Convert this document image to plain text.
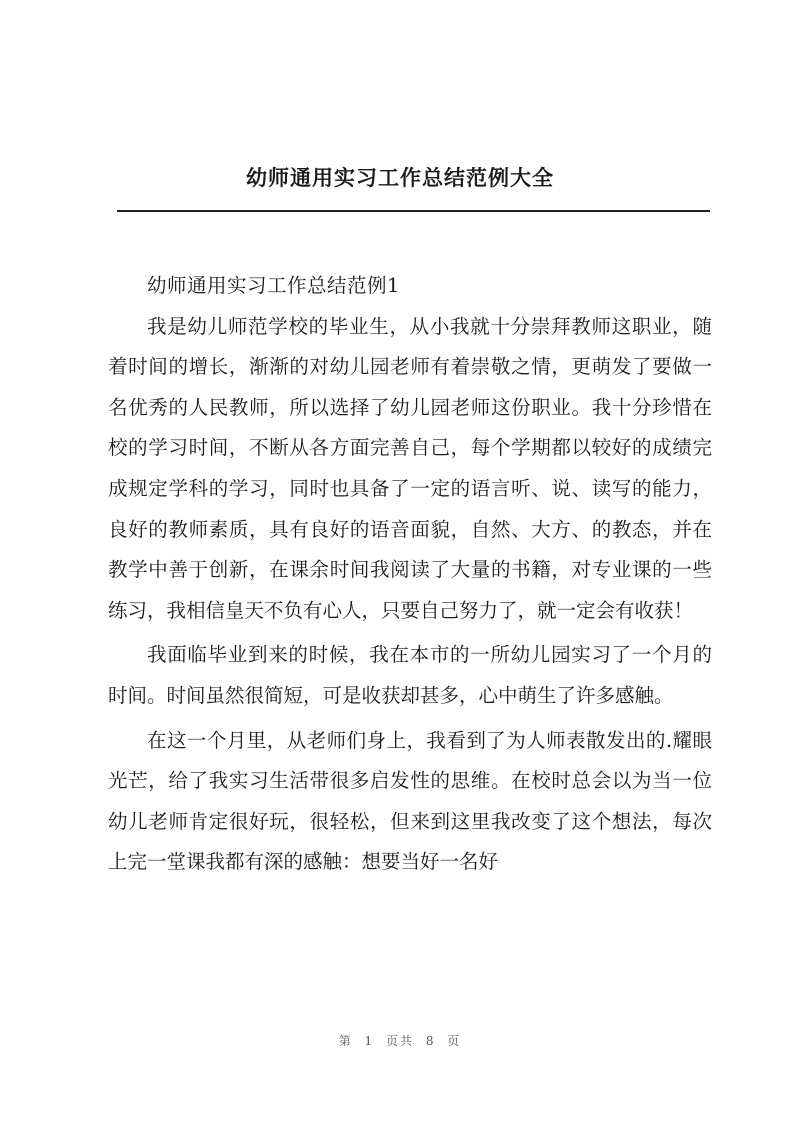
幼师通用实习工作总结范例大全

幼师通用实习工作总结范例1

我是幼儿师范学校的毕业生，从小我就十分崇拜教师这职业，随着时间的增长，渐渐的对幼儿园老师有着崇敬之情，更萌发了要做一名优秀的人民教师，所以选择了幼儿园老师这份职业。我十分珍惜在校的学习时间，不断从各方面完善自己，每个学期都以较好的成绩完成规定学科的学习，同时也具备了一定的语言听、说、读写的能力，良好的教师素质，具有良好的语音面貌，自然、大方、的教态，并在教学中善于创新，在课余时间我阅读了大量的书籍，对专业课的一些练习，我相信皇天不负有心人，只要自己努力了，就一定会有收获！

我面临毕业到来的时候，我在本市的一所幼儿园实习了一个月的时间。时间虽然很简短，可是收获却甚多，心中萌生了许多感触。

在这一个月里，从老师们身上，我看到了为人师表散发出的.耀眼光芒，给了我实习生活带很多启发性的思维。在校时总会以为当一位幼儿老师肯定很好玩，很轻松，但来到这里我改变了这个想法，每次上完一堂课我都有深的感触：想要当好一名好

第 1 页共 8 页
